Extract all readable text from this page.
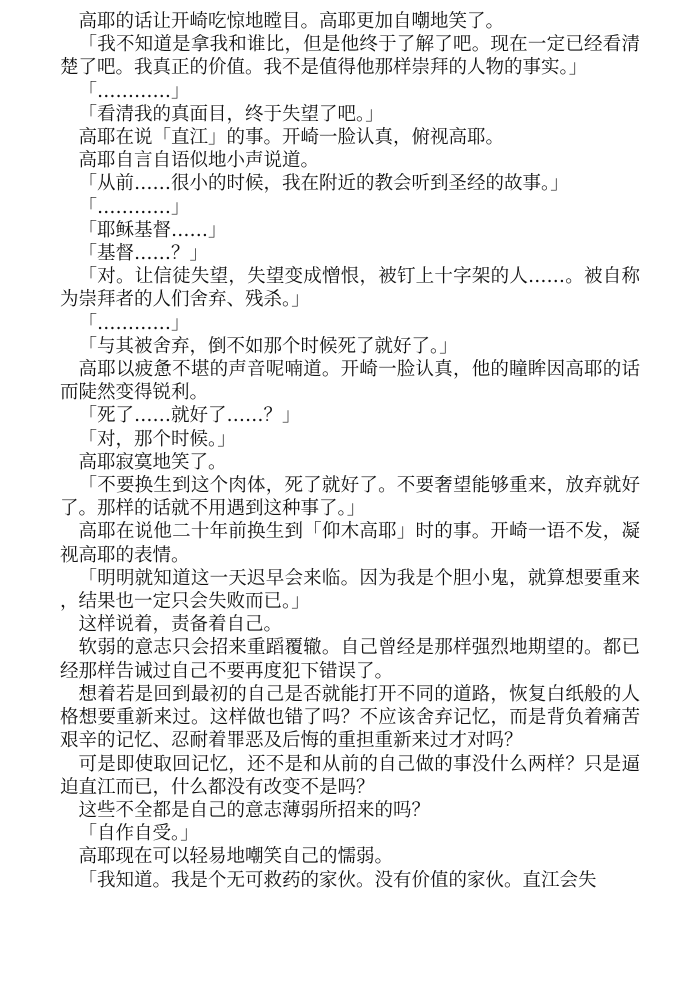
高耶的话让开崎吃惊地瞠目。高耶更加自嘲地笑了。

「我不知道是拿我和谁比，但是他终于了解了吧。现在一定已经看清楚了吧。我真正的价值。我不是值得他那样崇拜的人物的事实。」

「…………」

「看清我的真面目，终于失望了吧。」

高耶在说「直江」的事。开崎一脸认真，俯视高耶。

高耶自言自语似地小声说道。

「从前……很小的时候，我在附近的教会听到圣经的故事。」

「…………」

「耶稣基督……」

「基督……？」

「对。让信徒失望，失望变成憎恨，被钉上十字架的人……。被自称为崇拜者的人们舍弃、残杀。」

「…………」

「与其被舍弃，倒不如那个时候死了就好了。」

高耶以疲惫不堪的声音呢喃道。开崎一脸认真，他的瞳眸因高耶的话而陡然变得锐利。

「死了……就好了……？」

「对，那个时候。」

高耶寂寞地笑了。

「不要换生到这个肉体，死了就好了。不要奢望能够重来，放弃就好了。那样的话就不用遇到这种事了。」

高耶在说他二十年前换生到「仰木高耶」时的事。开崎一语不发，凝视高耶的表情。

「明明就知道这一天迟早会来临。因为我是个胆小鬼，就算想要重来，结果也一定只会失败而已。」

这样说着，责备着自己。

软弱的意志只会招来重蹈覆辙。自己曾经是那样强烈地期望的。都已经那样告诫过自己不要再度犯下错误了。

想着若是回到最初的自己是否就能打开不同的道路，恢复白纸般的人格想要重新来过。这样做也错了吗？不应该舍弃记忆，而是背负着痛苦艰辛的记忆、忍耐着罪恶及后悔的重担重新来过才对吗？

可是即使取回记忆，还不是和从前的自己做的事没什么两样？只是逼迫直江而已，什么都没有改变不是吗？

这些不全都是自己的意志薄弱所招来的吗？

「自作自受。」

高耶现在可以轻易地嘲笑自己的懦弱。

「我知道。我是个无可救药的家伙。没有价值的家伙。直江会失
